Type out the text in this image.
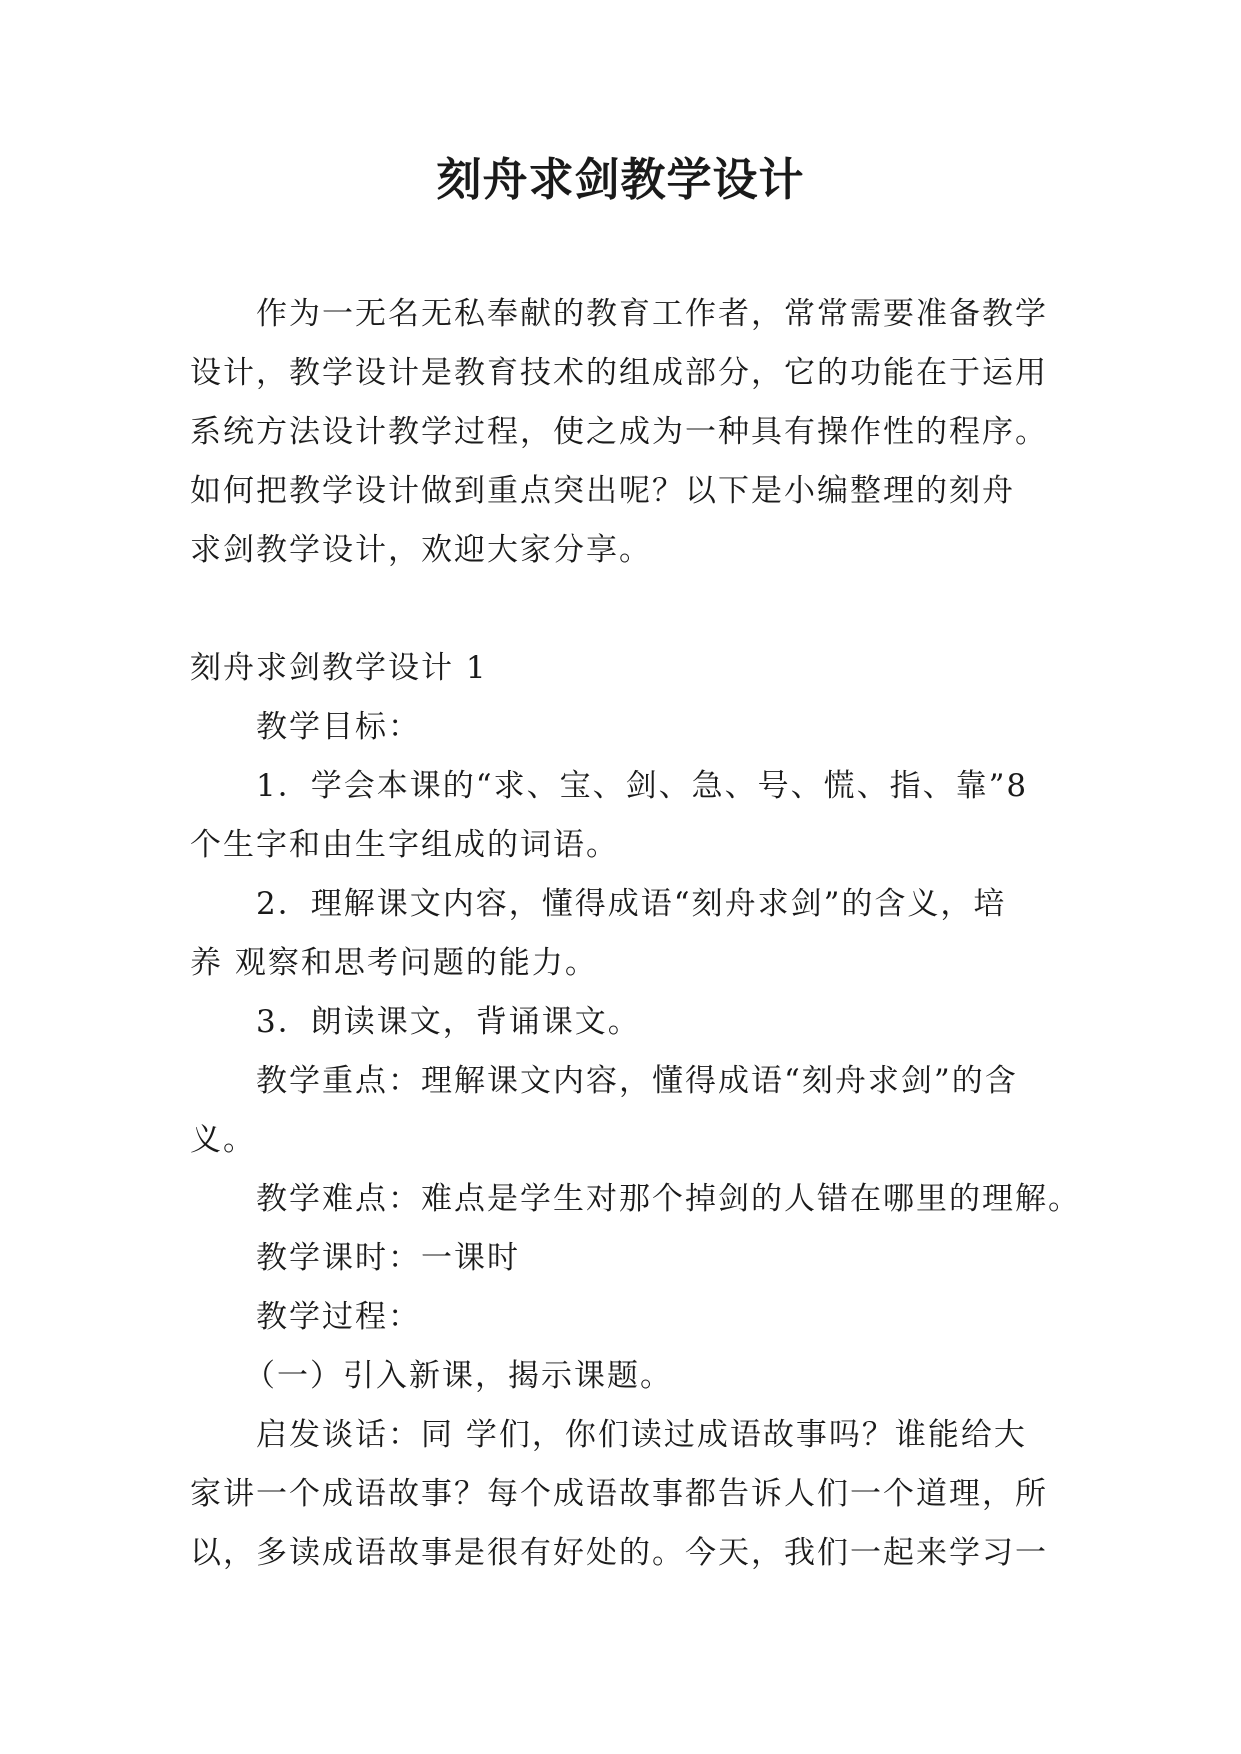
刻舟求剑教学设计

作为一无名无私奉献的教育工作者，常常需要准备教学

设计，教学设计是教育技术的组成部分，它的功能在于运用

系统方法设计教学过程，使之成为一种具有操作性的程序。

如何把教学设计做到重点突出呢？以下是小编整理的刻舟

求剑教学设计，欢迎大家分享。

刻舟求剑教学设计 1

教学目标：

1．学会本课的“求、宝、剑、急、号、慌、指、靠”8

个生字和由生字组成的词语。

2．理解课文内容，懂得成语“刻舟求剑”的含义，培

养 观察和思考问题的能力。

3．朗读课文，背诵课文。

教学重点：理解课文内容，懂得成语“刻舟求剑”的含

义。

教学难点：难点是学生对那个掉剑的人错在哪里的理解。

教学课时：一课时

教学过程：

（一）引入新课，揭示课题。

启发谈话：同 学们，你们读过成语故事吗？谁能给大

家讲一个成语故事？每个成语故事都告诉人们一个道理，所

以，多读成语故事是很有好处的。今天，我们一起来学习一
